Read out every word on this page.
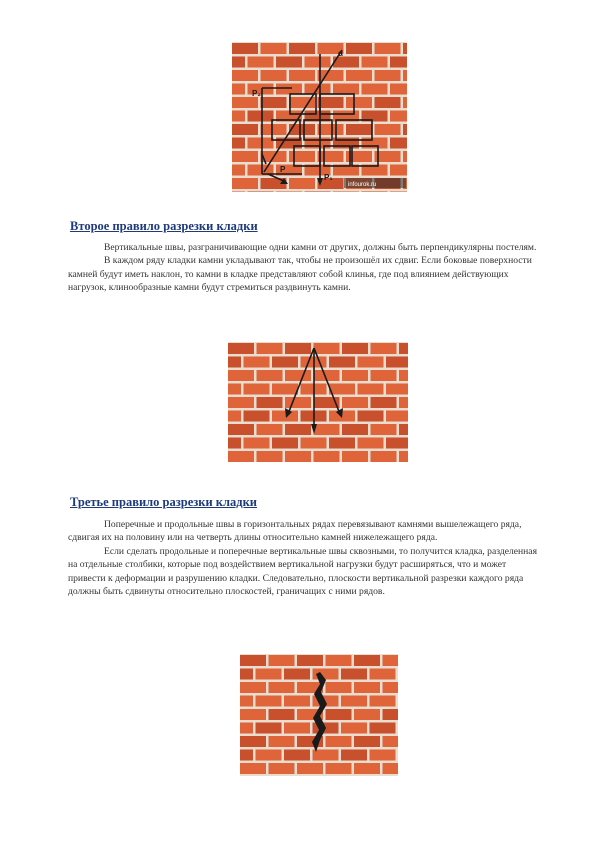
P
P₁
P₂
α
infourok.ru
Второе правило разрезки кладки

Вертикальные швы, разграничивающие одни камни от других, должны быть перпендикулярны постелям.

В каждом ряду кладки камни укладывают так, чтобы не произошёл их сдвиг. Если боковые поверхности камней будут иметь наклон, то камни в кладке представляют собой клинья, где под влиянием действующих нагрузок, клинообразные камни будут стремиться раздвинуть камни.

Третье правило разрезки кладки

Поперечные и продольные швы в горизонтальных рядах перевязывают камнями вышележащего ряда, сдвигая их на половину или на четверть длины относительно камней нижележащего ряда.

Если сделать продольные и поперечные вертикальные швы сквозными, то получится кладка, разделенная на отдельные столбики, которые под воздействием вертикальной нагрузки будут расширяться, что и может привести к деформации и разрушению кладки. Следовательно, плоскости вертикальной разрезки каждого ряда должны быть сдвинуты относительно плоскостей, граничащих с ними рядов.
